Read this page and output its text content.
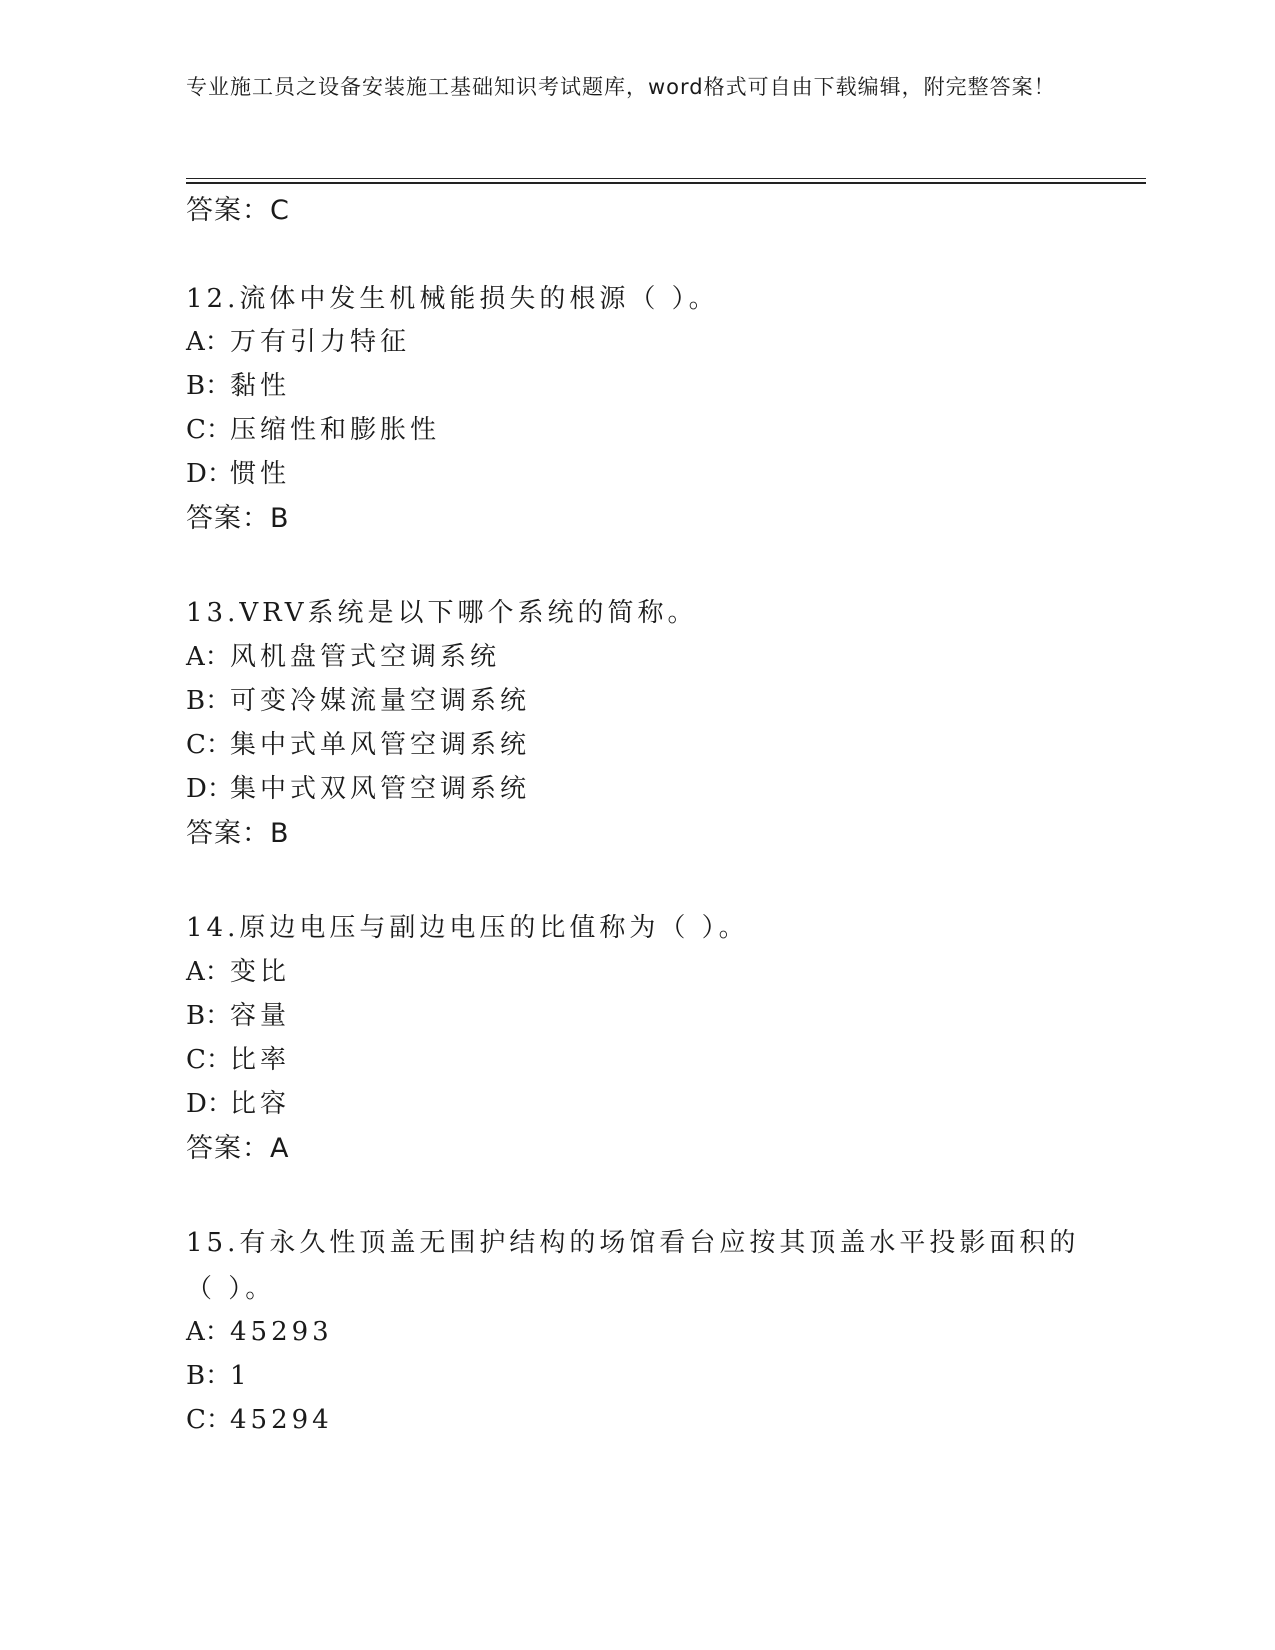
专业施工员之设备安装施工基础知识考试题库，word格式可自由下载编辑，附完整答案！
答案：C
12.流体中发生机械能损失的根源（ ）。
A：万有引力特征
B：黏性
C：压缩性和膨胀性
D：惯性
答案：B
13.VRV系统是以下哪个系统的简称。
A：风机盘管式空调系统
B：可变冷媒流量空调系统
C：集中式单风管空调系统
D：集中式双风管空调系统
答案：B
14.原边电压与副边电压的比值称为（ ）。
A：变比
B：容量
C：比率
D：比容
答案：A
15.有永久性顶盖无围护结构的场馆看台应按其顶盖水平投影面积的（ ）。
A：45293
B：1
C：45294
